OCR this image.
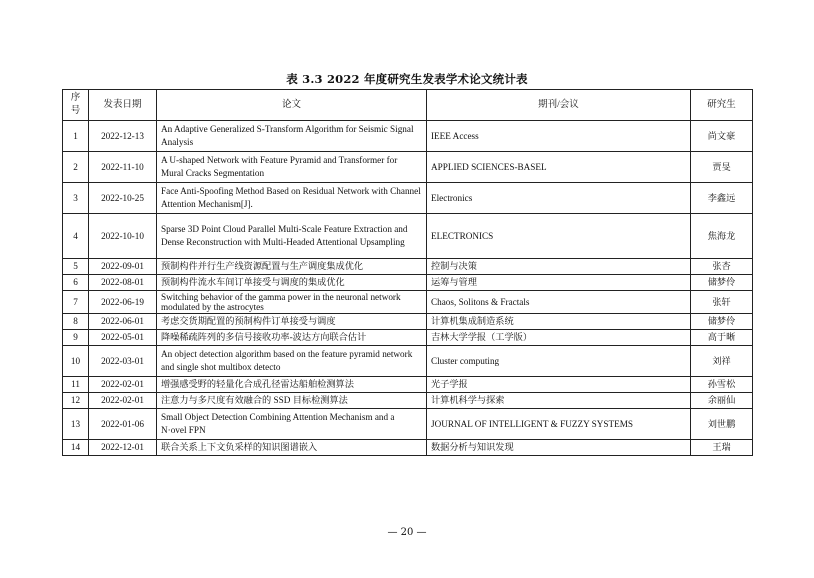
表 3.3 2022 年度研究生发表学术论文统计表
序号	发表日期	论文	期刊/会议	研究生
1	2022-12-13	An Adaptive Generalized S-Transform Algorithm for Seismic Signal Analysis	IEEE Access	尚文豪
2	2022-11-10	A U-shaped Network with Feature Pyramid and Transformer for Mural Cracks Segmentation	APPLIED SCIENCES-BASEL	贾旻
3	2022-10-25	Face Anti-Spoofing Method Based on Residual Network with Channel Attention Mechanism[J].	Electronics	李鑫远
4	2022-10-10	Sparse 3D Point Cloud Parallel Multi-Scale Feature Extraction and Dense Reconstruction with Multi-Headed Attentional Upsampling	ELECTRONICS	焦海龙
5	2022-09-01	预制构件并行生产线资源配置与生产调度集成优化	控制与决策	张杏
6	2022-08-01	预制构件流水车间订单接受与调度的集成优化	运筹与管理	储梦伶
7	2022-06-19	Switching behavior of the gamma power in the neuronal network modulated by the astrocytes	Chaos, Solitons & Fractals	张轩
8	2022-06-01	考虑交货期配置的预制构件订单接受与调度	计算机集成制造系统	储梦伶
9	2022-05-01	降噪稀疏阵列的多信号接收功率-波达方向联合估计	吉林大学学报（工学版）	高于晰
10	2022-03-01	An object detection algorithm based on the feature pyramid network and single shot multibox detecto	Cluster computing	刘祥
11	2022-02-01	增强感受野的轻量化合成孔径雷达船舶检测算法	光子学报	孙雪松
12	2022-02-01	注意力与多尺度有效融合的 SSD 目标检测算法	计算机科学与探索	余丽仙
13	2022-01-06	Small Object Detection Combining Attention Mechanism and a N·ovel FPN	JOURNAL OF INTELLIGENT & FUZZY SYSTEMS	刘世鹏
14	2022-12-01	联合关系上下文负采样的知识图谱嵌入	数据分析与知识发现	王瑞
— 20 —
